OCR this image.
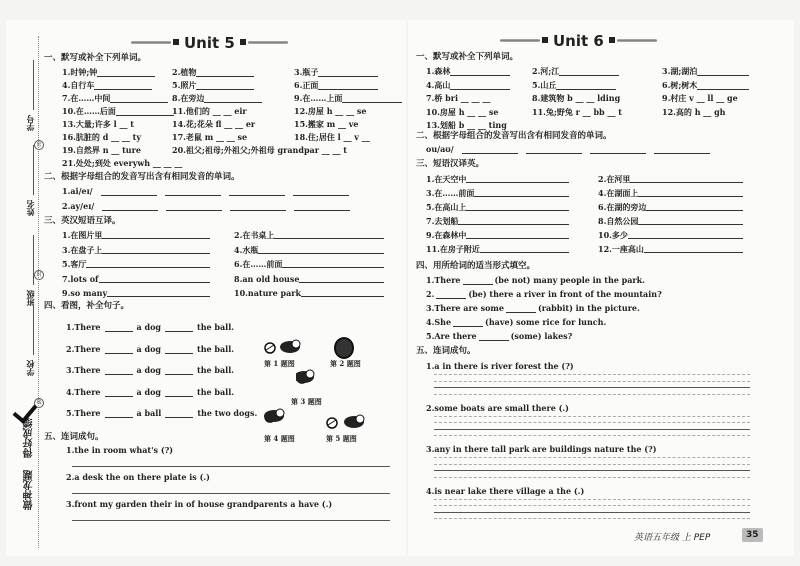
Unit 5
一、默写或补全下列单词。
1.时钟;钟	2.植物	3.瓶子
4.自行车	5.照片	6.正面
7.在……中间	8.在旁边	9.在……上面
10.在……后面	11.他们的 __ __ eir	12.房屋 h __ __ se
13.大量;许多 l __ t	14.花;花朵 fl __ __ er	15.搬家 m __ ve
16.肮脏的 d __ __ ty	17.老鼠 m __ __ se	18.住;居住 l __ v __
19.自然界 n __ ture	20.祖父;祖母;外祖父;外祖母 grandpar __ __ t
21.处处;到处 everywh __ __ __
二、根据字母组合的发音写出含有相同发音的单词。
1.ai/eɪ/
2.ay/eɪ/
三、英汉短语互译。
1.在图片里	2.在书桌上
3.在盘子上	4.水瓶
5.客厅	6.在……前面
7.lots of	8.an old house
9.so many	10.nature park
四、看图，补全句子。
1.There	a dog	the ball.
2.There	a dog	the ball.
3.There	a dog	the ball.
4.There	a dog	the ball.
5.There	a ball	the two dogs.
第 1 题图	第 2 题图
第 3 题图
第 4 题图	第 5 题图
五、连词成句。
1.the in room what's (?)
2.a desk the on there plate is (.)
3.front my garden their in of house grandparents a have (.)
Unit 6
一、默写或补全下列单词。
1.森林	2.河;江	3.湖;湖泊
4.高山	5.山丘	6.树;树木
7.桥 bri __ __ __	8.建筑物 b __ __ lding	9.村庄 v __ ll __ ge
10.房屋 h __ __ se	11.兔;野兔 r __ bb __ t	12.高的 h __ gh
13.划船 b __ __ ting
二、根据字母组合的发音写出含有相同发音的单词。
ou/aʊ/
三、短语汉译英。
1.在天空中	2.在河里
3.在……前面	4.在湖面上
5.在高山上	6.在湖的旁边
7.去划船	8.自然公园
9.在森林中	10.多少
11.在房子附近	12.一座高山
四、用所给词的适当形式填空。
1.There	(be not) many people in the park.
2.	(be) there a river in front of the mountain?
3.There are some	(rabbit) in the picture.
4.She	(have) some rice for lunch.
5.Are there	(some) lakes?
五、连词成句。
1.a in there is river forest the (?)
2.some boats are small there (.)
3.any in there tall park are buildings nature the (?)
4.is near lake there village a the (.)
英语五年级 上 PEP	35
学号
姓名
班级
学校
密
封
线
得好成绩
做神龙题
